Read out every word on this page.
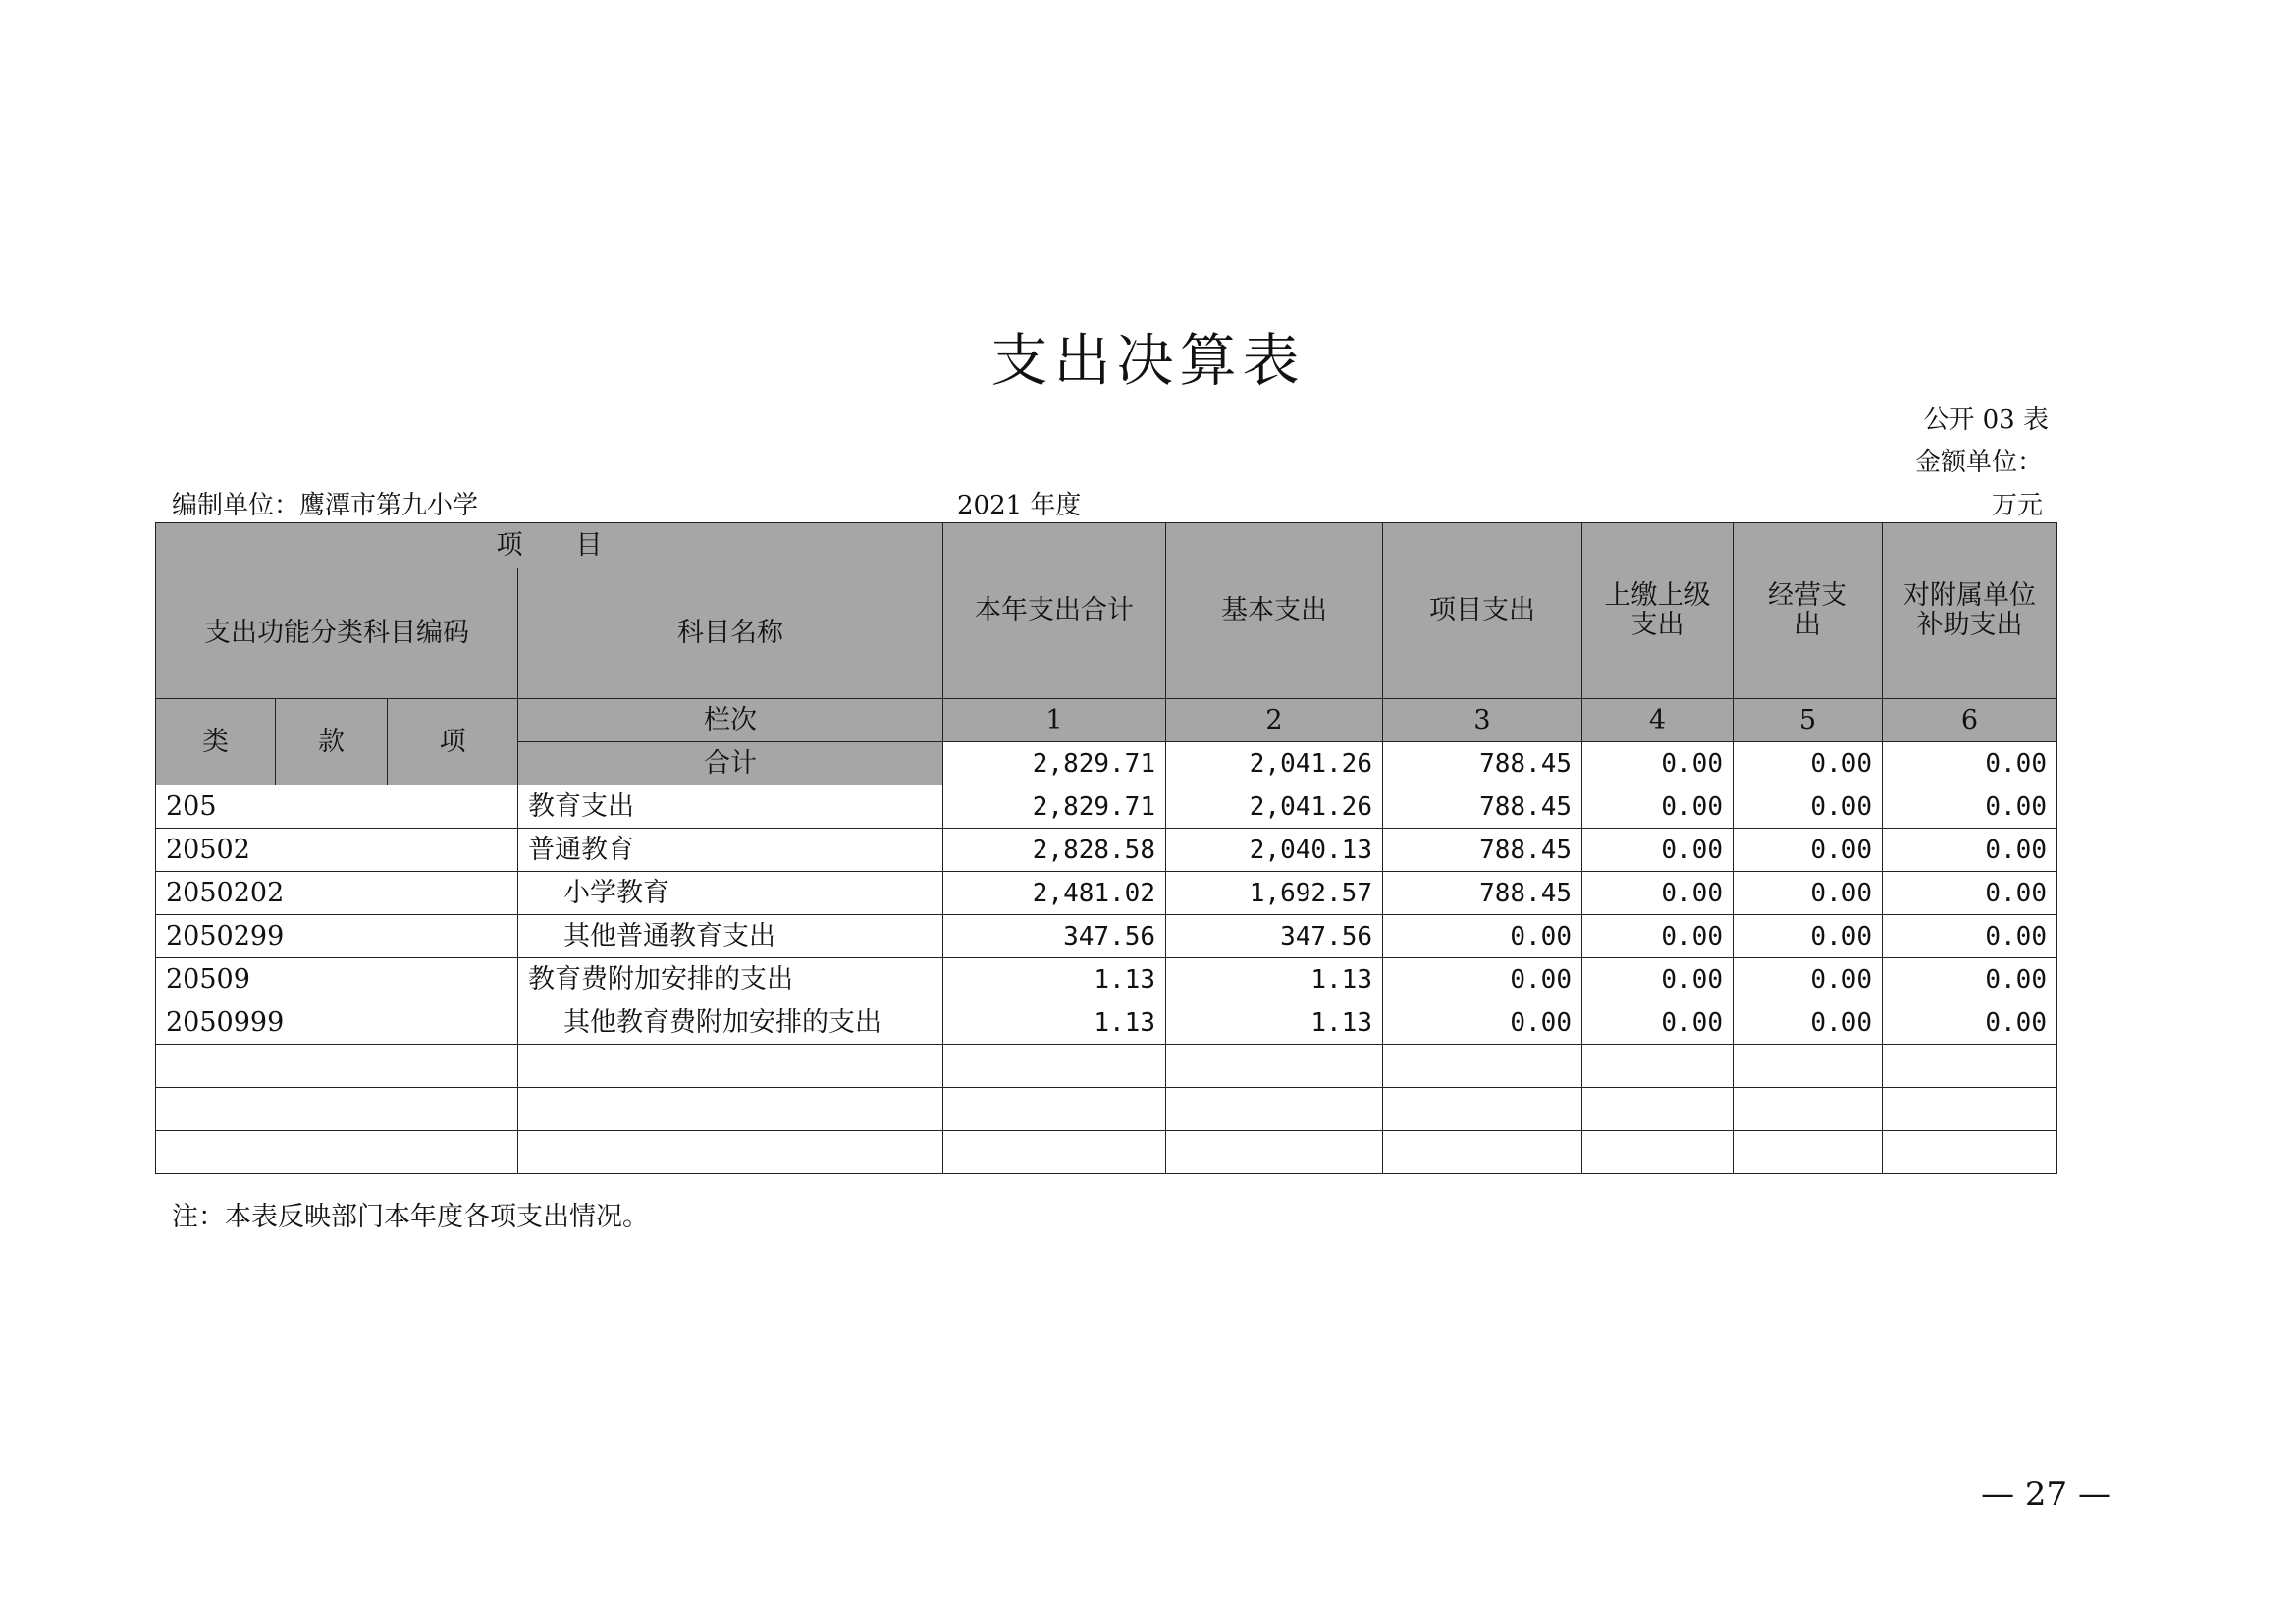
支出决算表
公开 03 表
金额单位：
万元
编制单位：鹰潭市第九小学	2021 年度
项　　目				本年支出合计	基本支出	项目支出	上缴上级支出	经营支出	对附属单位补助支出
支出功能分类科目编码			科目名称						
类	款	项	栏次	1	2	3	4	5	6
			合计	2,829.71	2,041.26	788.45	0.00	0.00	0.00
205			教育支出	2,829.71	2,041.26	788.45	0.00	0.00	0.00
20502			普通教育	2,828.58	2,040.13	788.45	0.00	0.00	0.00
2050202			小学教育	2,481.02	1,692.57	788.45	0.00	0.00	0.00
2050299			其他普通教育支出	347.56	347.56	0.00	0.00	0.00	0.00
20509			教育费附加安排的支出	1.13	1.13	0.00	0.00	0.00	0.00
2050999			其他教育费附加安排的支出	1.13	1.13	0.00	0.00	0.00	0.00

注：本表反映部门本年度各项支出情况。
— 27 —
